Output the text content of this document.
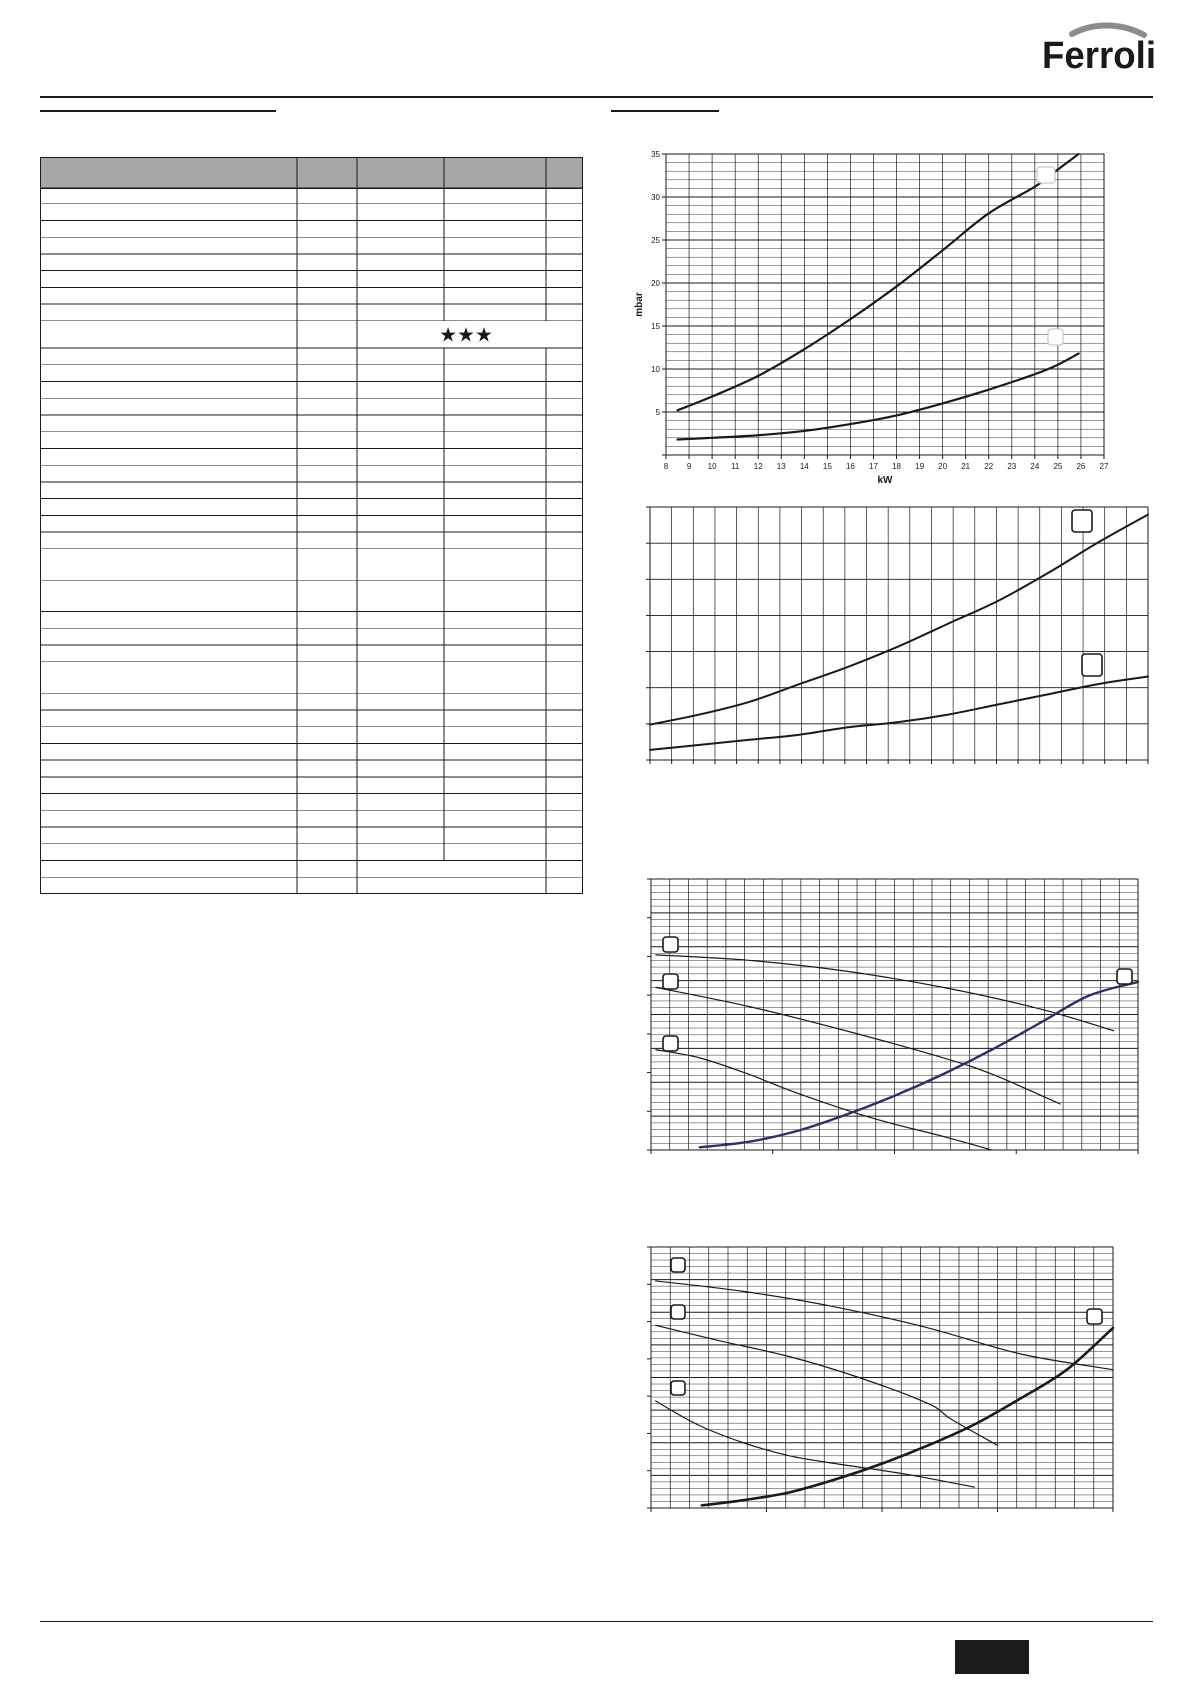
Ferroli
★★★
8 9 10 11 12 13 14 15 16 17 18 19 20 21 22 23 24 25 26 27
5
10
15
20
25
30
35
kW
mbar
